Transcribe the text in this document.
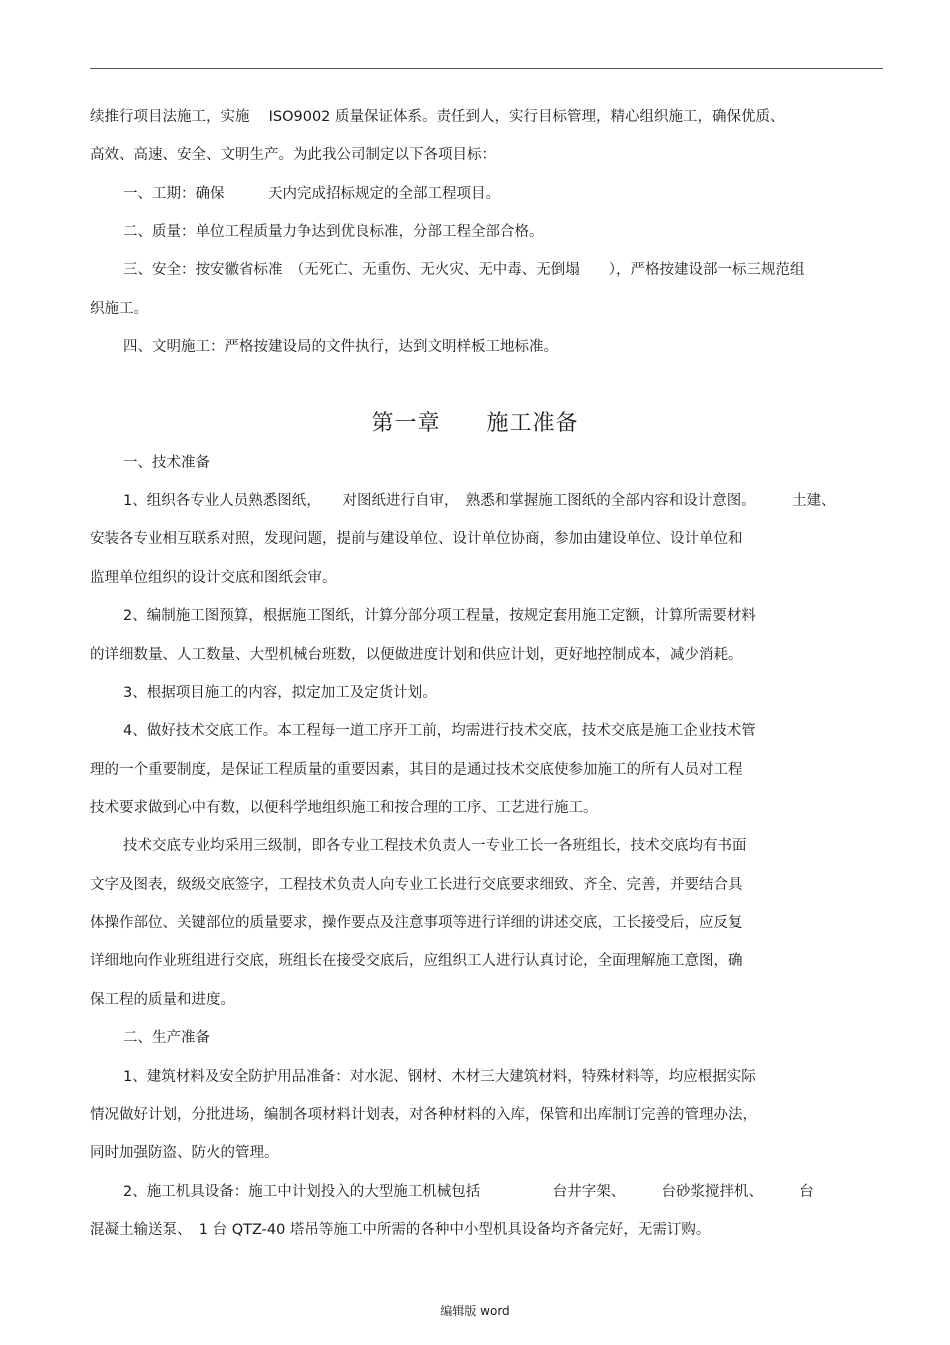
续推行项目法施工，实施　 ISO9002 质量保证体系。责任到人，实行目标管理，精心组织施工，确保优质、
高效、高速、安全、文明生产。为此我公司制定以下各项目标：
一、工期：确保　　　天内完成招标规定的全部工程项目。
二、质量：单位工程质量力争达到优良标准，分部工程全部合格。
三、安全：按安徽省标准　（无死亡、无重伤、无火灾、无中毒、无倒塌　　），严格按建设部一标三规范组
织施工。
四、文明施工：严格按建设局的文件执行，达到文明样板工地标准。
第一章　　施工准备
一、技术准备
1、组织各专业人员熟悉图纸，　　对图纸进行自审，　熟悉和掌握施工图纸的全部内容和设计意图。　　　土建、
安装各专业相互联系对照，发现问题，提前与建设单位、设计单位协商，参加由建设单位、设计单位和
监理单位组织的设计交底和图纸会审。
2、编制施工图预算，根据施工图纸，计算分部分项工程量，按规定套用施工定额，计算所需要材料
的详细数量、人工数量、大型机械台班数，以便做进度计划和供应计划，更好地控制成本，减少消耗。
3、根据项目施工的内容，拟定加工及定货计划。
4、做好技术交底工作。本工程每一道工序开工前，均需进行技术交底，技术交底是施工企业技术管
理的一个重要制度，是保证工程质量的重要因素，其目的是通过技术交底使参加施工的所有人员对工程
技术要求做到心中有数，以便科学地组织施工和按合理的工序、工艺进行施工。
技术交底专业均采用三级制，即各专业工程技术负责人一专业工长一各班组长，技术交底均有书面
文字及图表，级级交底签字，工程技术负责人向专业工长进行交底要求细致、齐全、完善，并要结合具
体操作部位、关键部位的质量要求，操作要点及注意事项等进行详细的讲述交底，工长接受后，应反复
详细地向作业班组进行交底，班组长在接受交底后，应组织工人进行认真讨论，全面理解施工意图，确
保工程的质量和进度。
二、生产准备
1、建筑材料及安全防护用品准备：对水泥、钢材、木材三大建筑材料，特殊材料等，均应根据实际
情况做好计划，分批进场，编制各项材料计划表，对各种材料的入库，保管和出库制订完善的管理办法，
同时加强防盗、防火的管理。
2、施工机具设备：施工中计划投入的大型施工机械包括　　　　　台井字架、　　　台砂浆搅拌机、　　　台
混凝土输送泵、　1 台 QTZ-40 塔吊等施工中所需的各种中小型机具设备均齐备完好，无需订购。
编辑版 word
